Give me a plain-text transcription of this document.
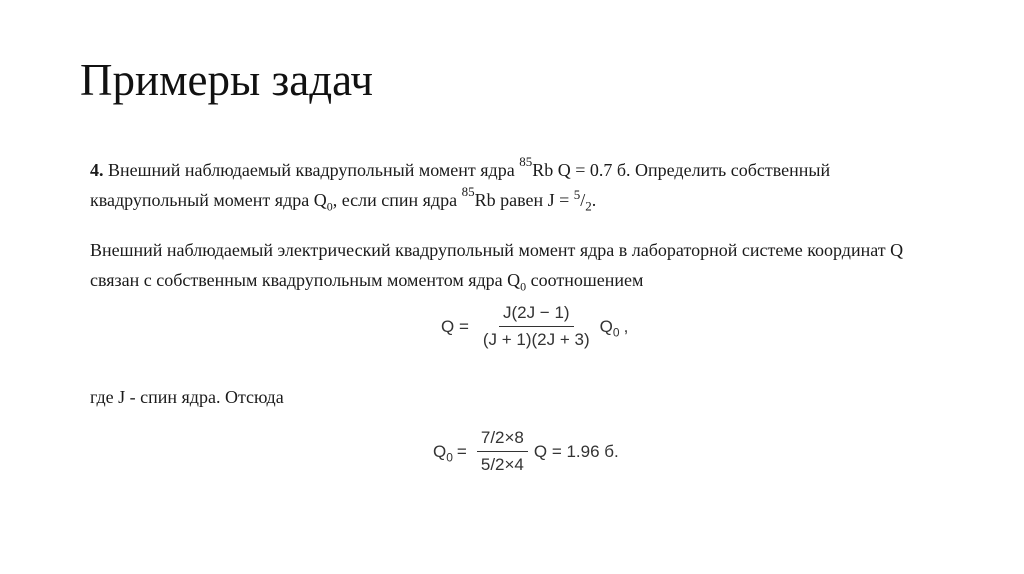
Примеры задач

4. Внешний наблюдаемый квадрупольный момент ядра $^{85}$Rb Q = 0.7 б. Определить собственный квадрупольный момент ядра $Q_0$, если спин ядра $^{85}$Rb равен $J = ^5/_2$.

Внешний наблюдаемый электрический квадрупольный момент ядра в лабораторной системе координат Q связан с собственным квадрупольным моментом ядра $Q_0$ соотношением

$Q = \frac{J(2J - 1)}{(J + 1)(2J + 3)} Q_0$ ,
где J - спин ядра. Отсюда
$Q_0 = \frac{7/2\times 8}{5/2\times 4}$ Q = 1.96 б.
